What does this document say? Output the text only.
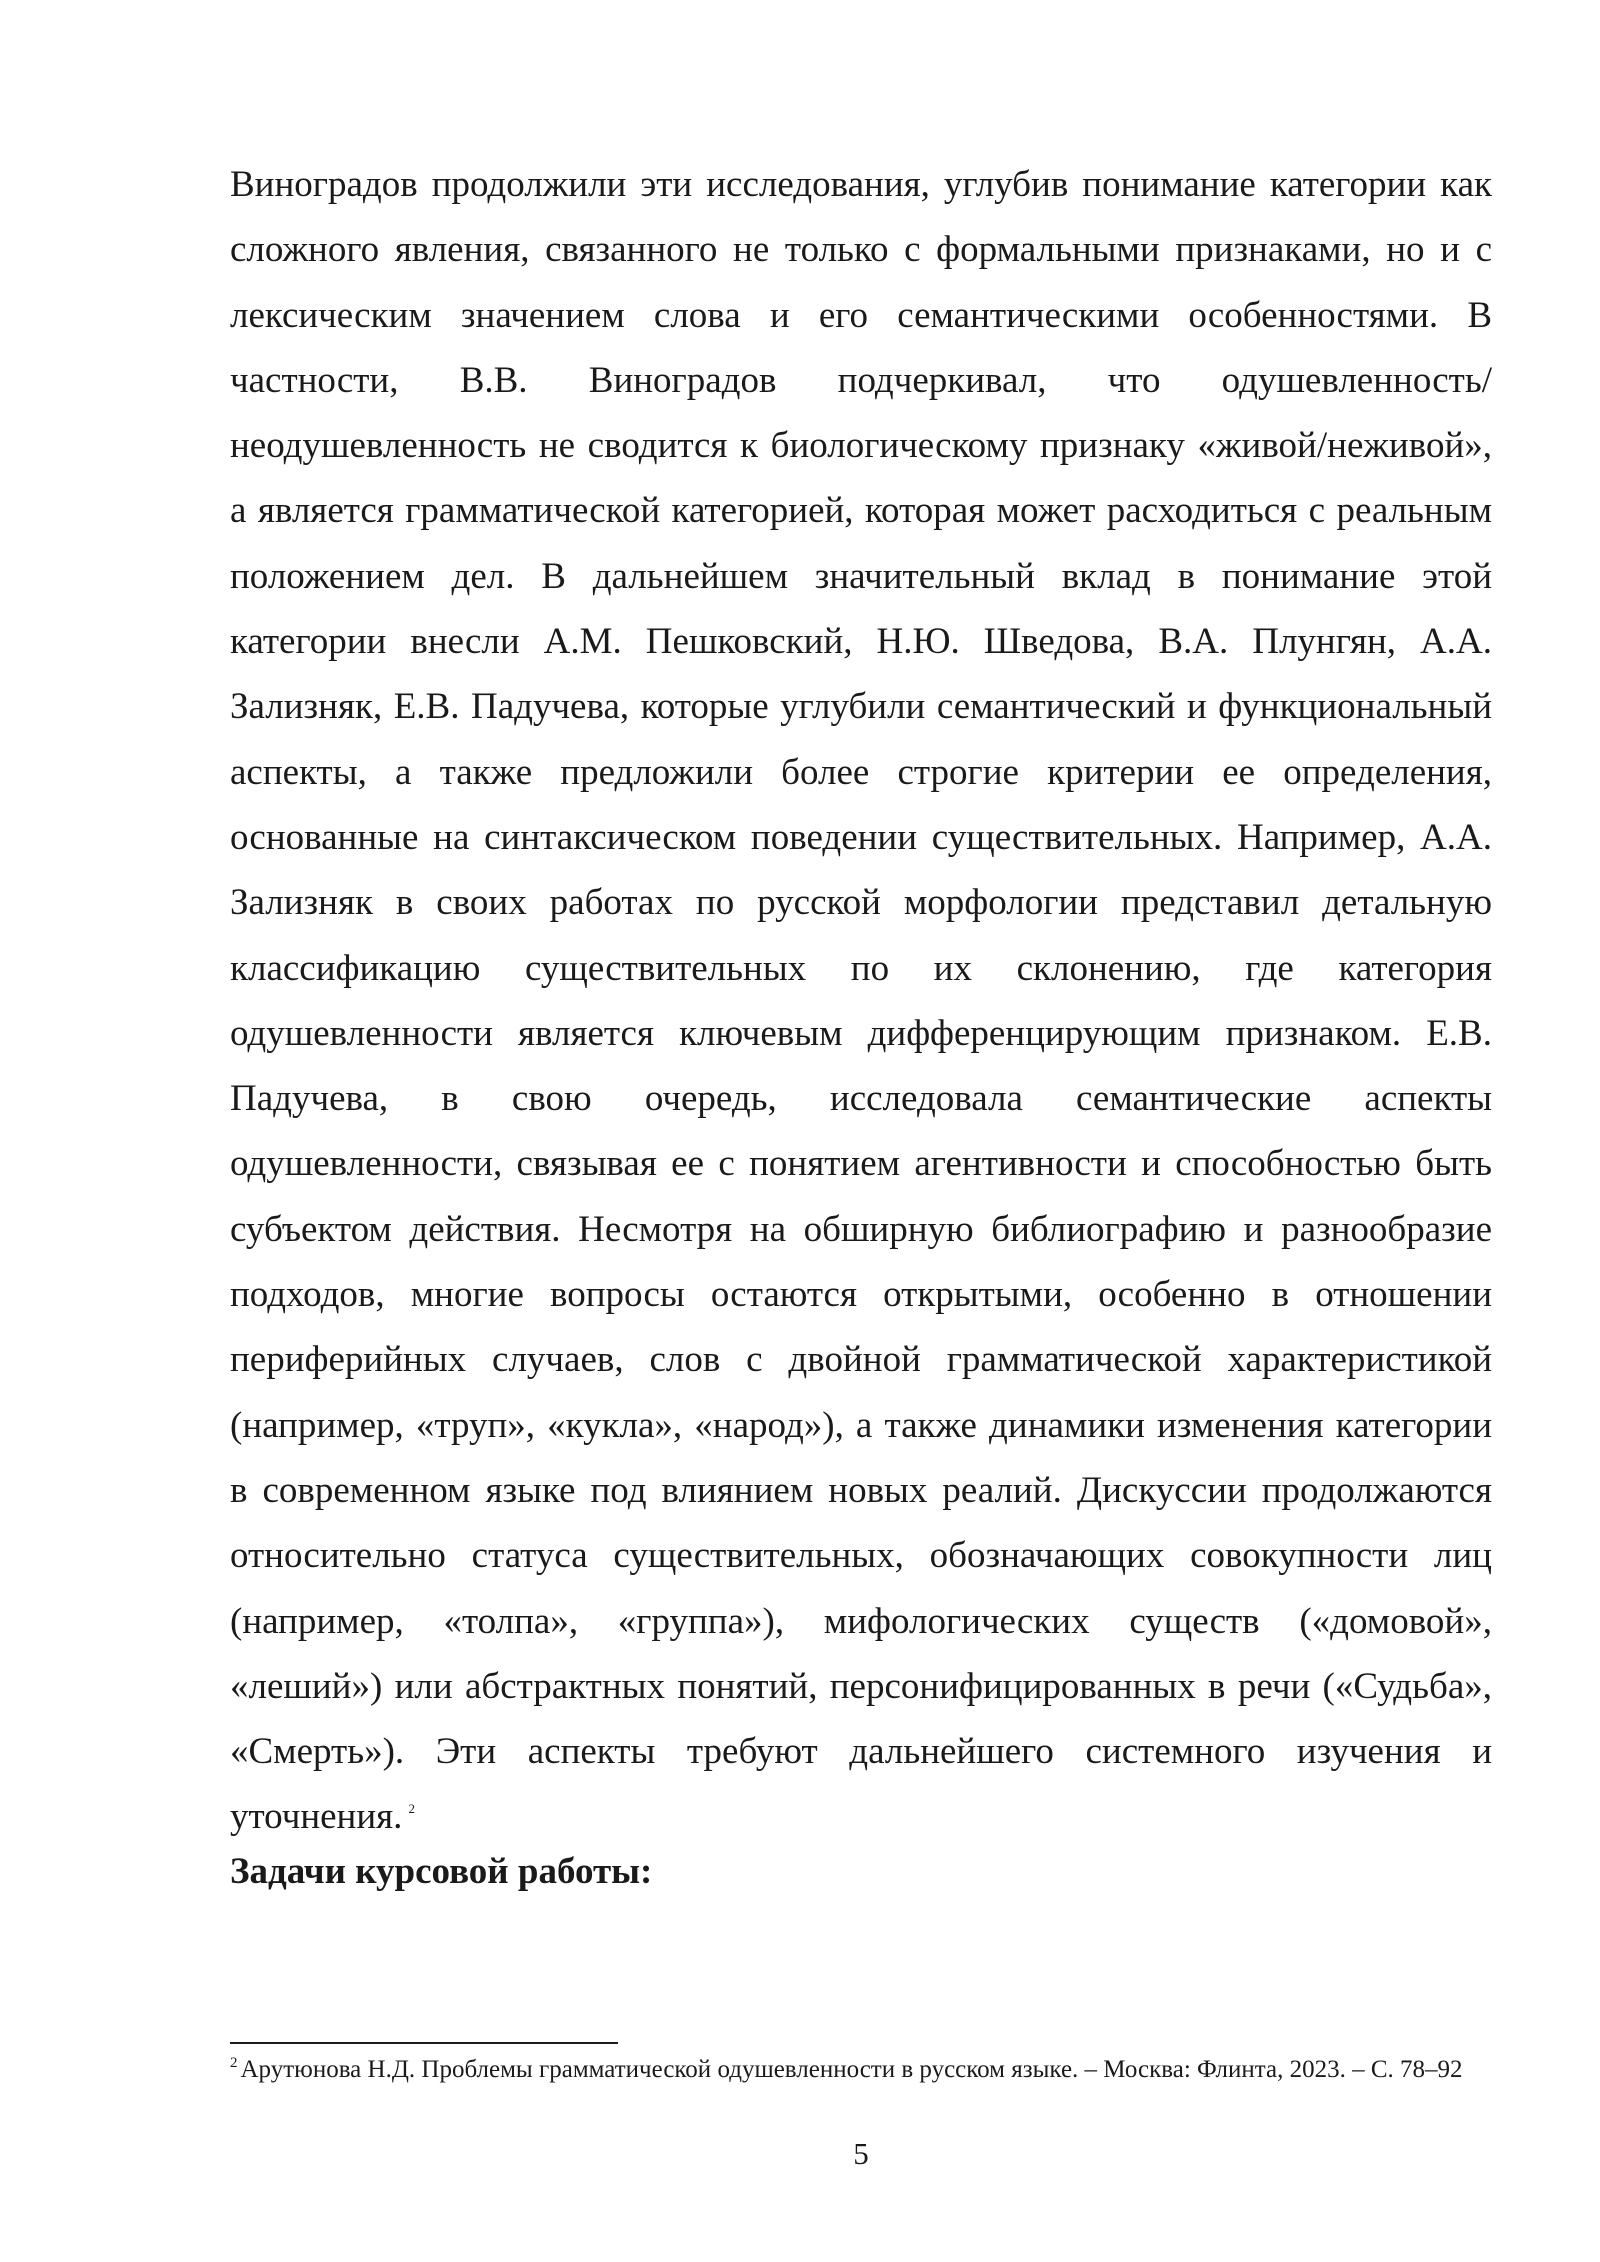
Виноградов продолжили эти исследования, углубив понимание категории как сложного явления, связанного не только с формальными признаками, но и с лексическим значением слова и его семантическими особенностями. В частности, В.В. Виноградов подчеркивал, что одушевленность/неодушевленность не сводится к биологическому признаку «живой/неживой», а является грамматической категорией, которая может расходиться с реальным положением дел. В дальнейшем значительный вклад в понимание этой категории внесли А.М. Пешковский, Н.Ю. Шведова, В.А. Плунгян, А.А. Зализняк, Е.В. Падучева, которые углубили семантический и функциональный аспекты, а также предложили более строгие критерии ее определения, основанные на синтаксическом поведении существительных. Например, А.А. Зализняк в своих работах по русской морфологии представил детальную классификацию существительных по их склонению, где категория одушевленности является ключевым дифференцирующим признаком. Е.В. Падучева, в свою очередь, исследовала семантические аспекты одушевленности, связывая ее с понятием агентивности и способностью быть субъектом действия. Несмотря на обширную библиографию и разнообразие подходов, многие вопросы остаются открытыми, особенно в отношении периферийных случаев, слов с двойной грамматической характеристикой (например, «труп», «кукла», «народ»), а также динамики изменения категории в современном языке под влиянием новых реалий. Дискуссии продолжаются относительно статуса существительных, обозначающих совокупности лиц (например, «толпа», «группа»), мифологических существ («домовой», «леший») или абстрактных понятий, персонифицированных в речи («Судьба», «Смерть»). Эти аспекты требуют дальнейшего системного изучения и уточнения. $^2$

Задачи курсовой работы:

$^2$ Арутюнова Н.Д. Проблемы грамматической одушевленности в русском языке. – Москва: Флинта, 2023. – С. 78–92

5
